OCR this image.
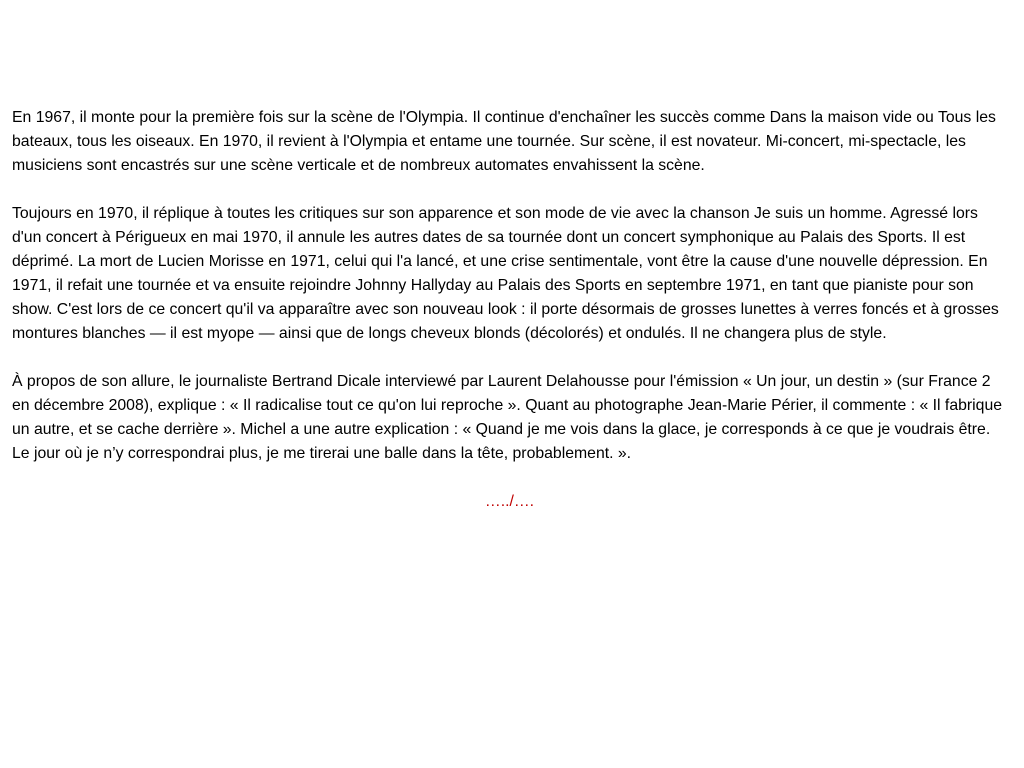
En 1967, il monte pour la première fois sur la scène de l'Olympia. Il continue d'enchaîner les succès comme Dans la maison vide ou Tous les bateaux, tous les oiseaux. En 1970, il revient à l'Olympia et entame une tournée. Sur scène, il est novateur. Mi-concert, mi-spectacle, les musiciens sont encastrés sur une scène verticale et de nombreux automates envahissent la scène.

Toujours en 1970, il réplique à toutes les critiques sur son apparence et son mode de vie avec la chanson Je suis un homme. Agressé lors d'un concert à Périgueux en mai 1970, il annule les autres dates de sa tournée dont un concert symphonique au Palais des Sports. Il est déprimé. La mort de Lucien Morisse en 1971, celui qui l'a lancé, et une crise sentimentale, vont être la cause d'une nouvelle dépression. En 1971, il refait une tournée et va ensuite rejoindre Johnny Hallyday au Palais des Sports en septembre 1971, en tant que pianiste pour son show. C'est lors de ce concert qu'il va apparaître avec son nouveau look : il porte désormais de grosses lunettes à verres foncés et à grosses montures blanches — il est myope — ainsi que de longs cheveux blonds (décolorés) et ondulés. Il ne changera plus de style.

À propos de son allure, le journaliste Bertrand Dicale interviewé par Laurent Delahousse pour l'émission « Un jour, un destin » (sur France 2 en décembre 2008), explique : « Il radicalise tout ce qu'on lui reproche ». Quant au photographe Jean-Marie Périer, il commente : « Il fabrique un autre, et se cache derrière ». Michel a une autre explication : « Quand je me vois dans la glace, je corresponds à ce que je voudrais être. Le jour où je n’y correspondrai plus, je me tirerai une balle dans la tête, probablement. ».

…../….
